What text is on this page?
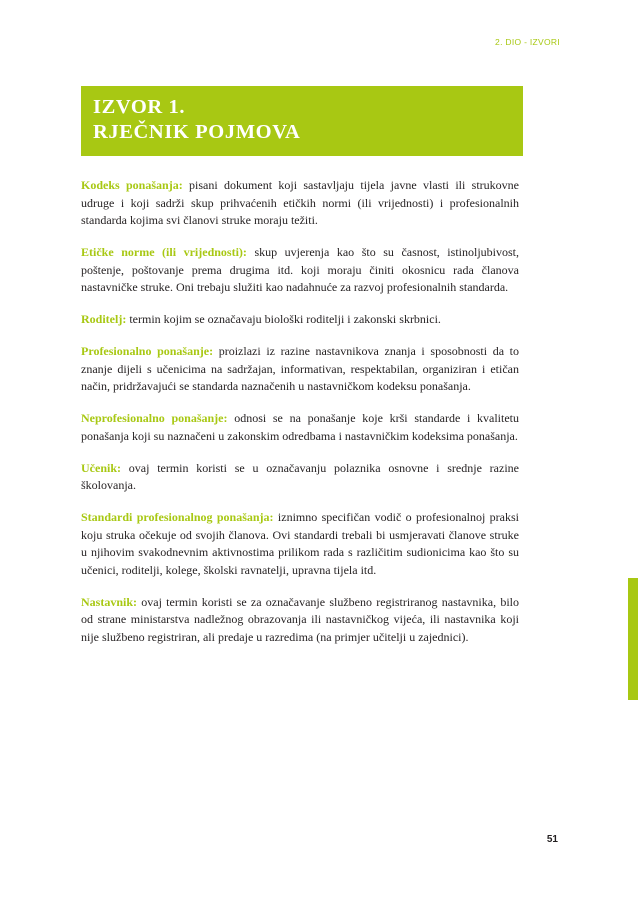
2. DIO - IZVORI
IZVOR 1.
RJEČNIK POJMOVA

Kodeks ponašanja: pisani dokument koji sastavljaju tijela javne vlasti ili strukovne udruge i koji sadrži skup prihvaćenih etičkih normi (ili vrijednosti) i profesionalnih standarda kojima svi članovi struke moraju težiti.

Etičke norme (ili vrijednosti): skup uvjerenja kao što su časnost, istinoljubivost, poštenje, poštovanje prema drugima itd. koji moraju činiti okosnicu rada članova nastavničke struke. Oni trebaju služiti kao nadahnuće za razvoj profesionalnih standarda.

Roditelj: termin kojim se označavaju biološki roditelji i zakonski skrbnici.

Profesionalno ponašanje: proizlazi iz razine nastavnikova znanja i sposobnosti da to znanje dijeli s učenicima na sadržajan, informativan, respektabilan, organiziran i etičan način, pridržavajući se standarda naznačenih u nastavničkom kodeksu ponašanja.

Neprofesionalno ponašanje: odnosi se na ponašanje koje krši standarde i kvalitetu ponašanja koji su naznačeni u zakonskim odredbama i nastavničkim kodeksima ponašanja.

Učenik: ovaj termin koristi se u označavanju polaznika osnovne i srednje razine školovanja.

Standardi profesionalnog ponašanja: iznimno specifičan vodič o profesionalnoj praksi koju struka očekuje od svojih članova. Ovi standardi trebali bi usmjeravati članove struke u njihovim svakodnevnim aktivnostima prilikom rada s različitim sudionicima kao što su učenici, roditelji, kolege, školski ravnatelji, upravna tijela itd.

Nastavnik: ovaj termin koristi se za označavanje službeno registriranog nastavnika, bilo od strane ministarstva nadležnog obrazovanja ili nastavničkog vijeća, ili nastavnika koji nije službeno registriran, ali predaje u razredima (na primjer učitelji u zajednici).

51
